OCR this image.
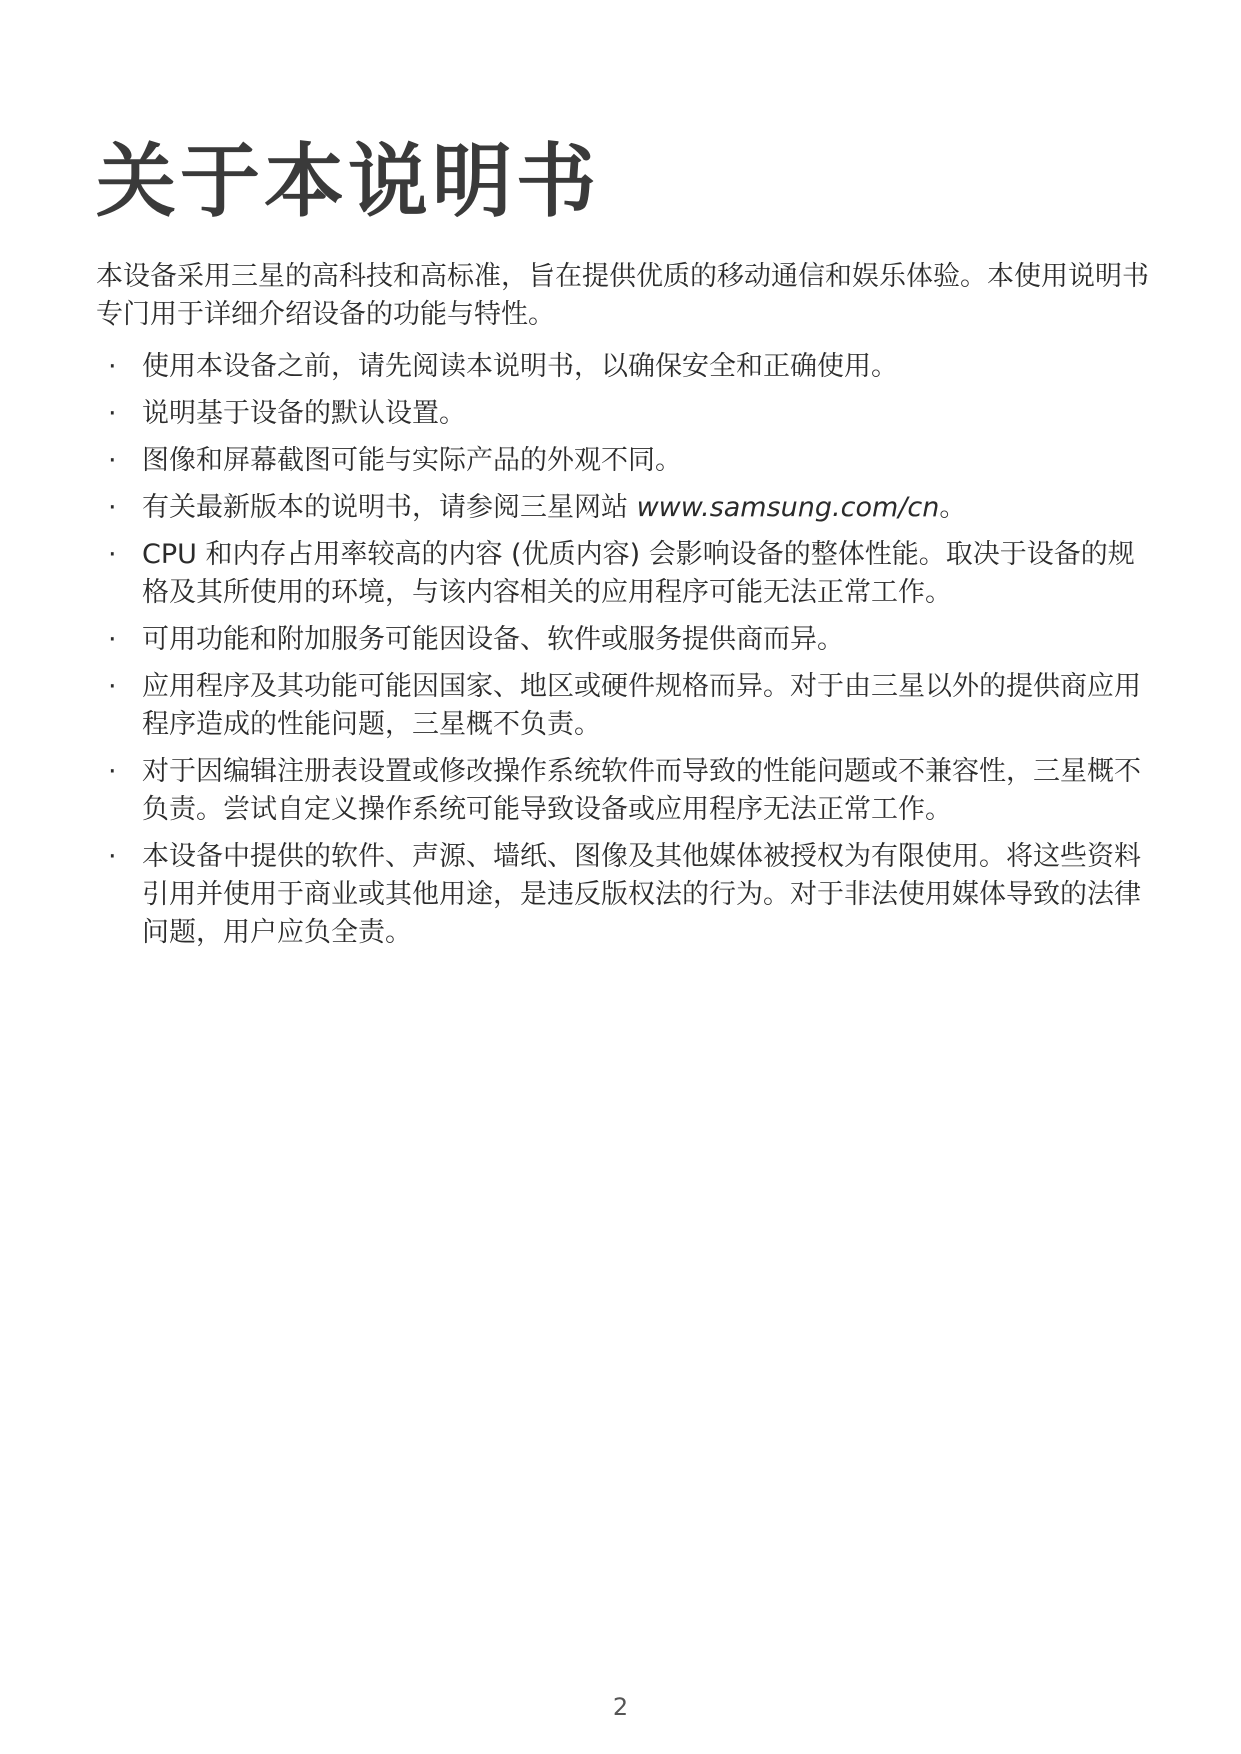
关于本说明书

本设备采用三星的高科技和高标准，旨在提供优质的移动通信和娱乐体验。本使用说明书专门用于详细介绍设备的功能与特性。

· 使用本设备之前，请先阅读本说明书，以确保安全和正确使用。
· 说明基于设备的默认设置。
· 图像和屏幕截图可能与实际产品的外观不同。
· 有关最新版本的说明书，请参阅三星网站 www.samsung.com/cn。
· CPU 和内存占用率较高的内容 (优质内容) 会影响设备的整体性能。取决于设备的规格及其所使用的环境，与该内容相关的应用程序可能无法正常工作。
· 可用功能和附加服务可能因设备、软件或服务提供商而异。
· 应用程序及其功能可能因国家、地区或硬件规格而异。对于由三星以外的提供商应用程序造成的性能问题，三星概不负责。
· 对于因编辑注册表设置或修改操作系统软件而导致的性能问题或不兼容性，三星概不负责。尝试自定义操作系统可能导致设备或应用程序无法正常工作。
· 本设备中提供的软件、声源、墙纸、图像及其他媒体被授权为有限使用。将这些资料引用并使用于商业或其他用途，是违反版权法的行为。对于非法使用媒体导致的法律问题，用户应负全责。
2
